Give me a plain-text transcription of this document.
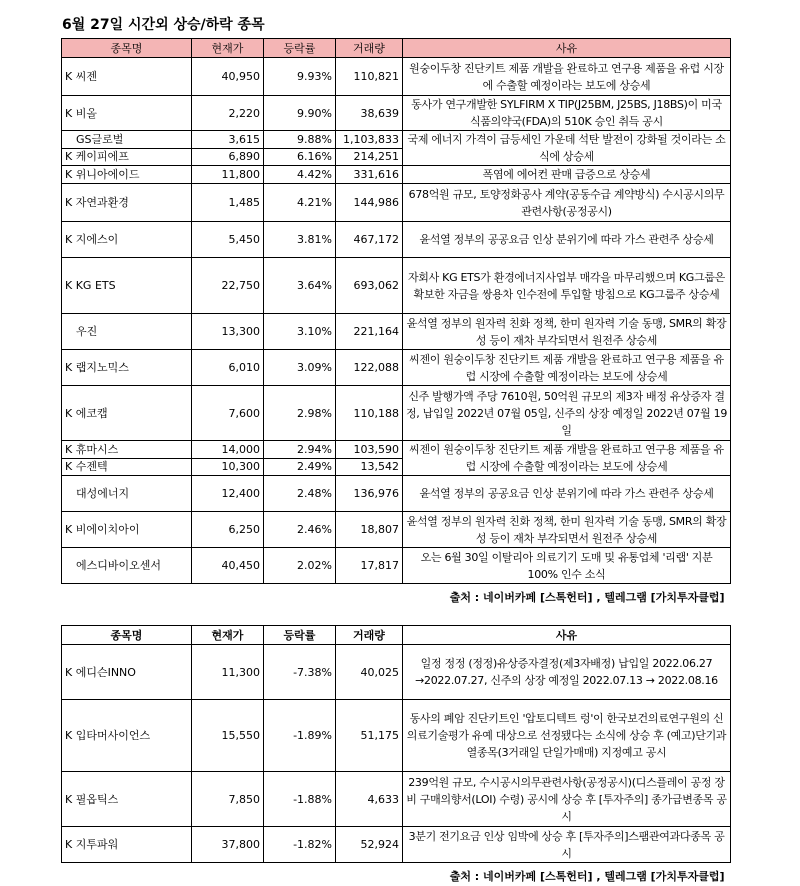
6월 27일 시간외 상승/하락 종목
종목명	현재가	등락률	거래량	사유
K 씨젠	40,950	9.93%	110,821	원숭이두창 진단키트 제품 개발을 완료하고 연구용 제품을 유럽 시장에 수출할 예정이라는 보도에 상승세
K 비올	2,220	9.90%	38,639	동사가 연구개발한 SYLFIRM X TIP(J25BM, J25BS, J18BS)이 미국 식품의약국(FDA)의 510K 승인 취득 공시
GS글로벌	3,615	9.88%	1,103,833	국제 에너지 가격이 급등세인 가운데 석탄 발전이 강화될 것이라는 소식에 상승세
K 케이피에프	6,890	6.16%	214,251	
K 위니아에이드	11,800	4.42%	331,616	폭염에 에어컨 판매 급증으로 상승세
K 자연과환경	1,485	4.21%	144,986	678억원 규모, 토양정화공사 계약(공동수급 계약방식) 수시공시의무관련사항(공정공시)
K 지에스이	5,450	3.81%	467,172	윤석열 정부의 공공요금 인상 분위기에 따라 가스 관련주 상승세
K KG ETS	22,750	3.64%	693,062	자회사 KG ETS가 환경에너지사업부 매각을 마무리했으며 KG그룹은 확보한 자금을 쌍용차 인수전에 투입할 방침으로 KG그룹주 상승세
우진	13,300	3.10%	221,164	윤석열 정부의 원자력 친화 정책, 한미 원자력 기술 동맹, SMR의 확장성 등이 재차 부각되면서 원전주 상승세
K 랩지노믹스	6,010	3.09%	122,088	씨젠이 원숭이두창 진단키트 제품 개발을 완료하고 연구용 제품을 유럽 시장에 수출할 예정이라는 보도에 상승세
K 에코캡	7,600	2.98%	110,188	신주 발행가액 주당 7610원, 50억원 규모의 제3자 배정 유상증자 결정, 납입일 2022년 07월 05일, 신주의 상장 예정일 2022년 07월 19일
K 휴마시스	14,000	2.94%	103,590	씨젠이 원숭이두창 진단키트 제품 개발을 완료하고 연구용 제품을 유럽 시장에 수출할 예정이라는 보도에 상승세
K 수젠텍	10,300	2.49%	13,542	
대성에너지	12,400	2.48%	136,976	윤석열 정부의 공공요금 인상 분위기에 따라 가스 관련주 상승세
K 비에이치아이	6,250	2.46%	18,807	윤석열 정부의 원자력 친화 정책, 한미 원자력 기술 동맹, SMR의 확장성 등이 재차 부각되면서 원전주 상승세
에스디바이오센서	40,450	2.02%	17,817	오는 6월 30일 이탈리아 의료기기 도매 및 유통업체 '리랩' 지분 100% 인수 소식
출처 : 네이버카페 [스톡헌터] , 텔레그램 [가치투자클럽]				
종목명	현재가	등락률	거래량	사유
K 에디슨INNO	11,300	-7.38%	40,025	일정 정정 (정정)유상증자결정(제3자배정) 납입일 2022.06.27 →2022.07.27, 신주의 상장 예정일 2022.07.13 → 2022.08.16
K 입타머사이언스	15,550	-1.89%	51,175	동사의 폐암 진단키트인 '압토디텍트 렁'이 한국보건의료연구원의 신의료기술평가 유예 대상으로 선정됐다는 소식에 상승 후 (예고)단기과열종목(3거래일 단일가매매) 지정예고 공시
K 필옵틱스	7,850	-1.88%	4,633	239억원 규모, 수시공시의무관련사항(공정공시)(디스플레이 공정 장비 구매의향서(LOI) 수령) 공시에 상승 후 [투자주의] 종가급변종목 공시
K 지투파워	37,800	-1.82%	52,924	3분기 전기요금 인상 임박에 상승 후 [투자주의]스팸관여과다종목 공시
출처 : 네이버카페 [스톡헌터] , 텔레그램 [가치투자클럽]				
